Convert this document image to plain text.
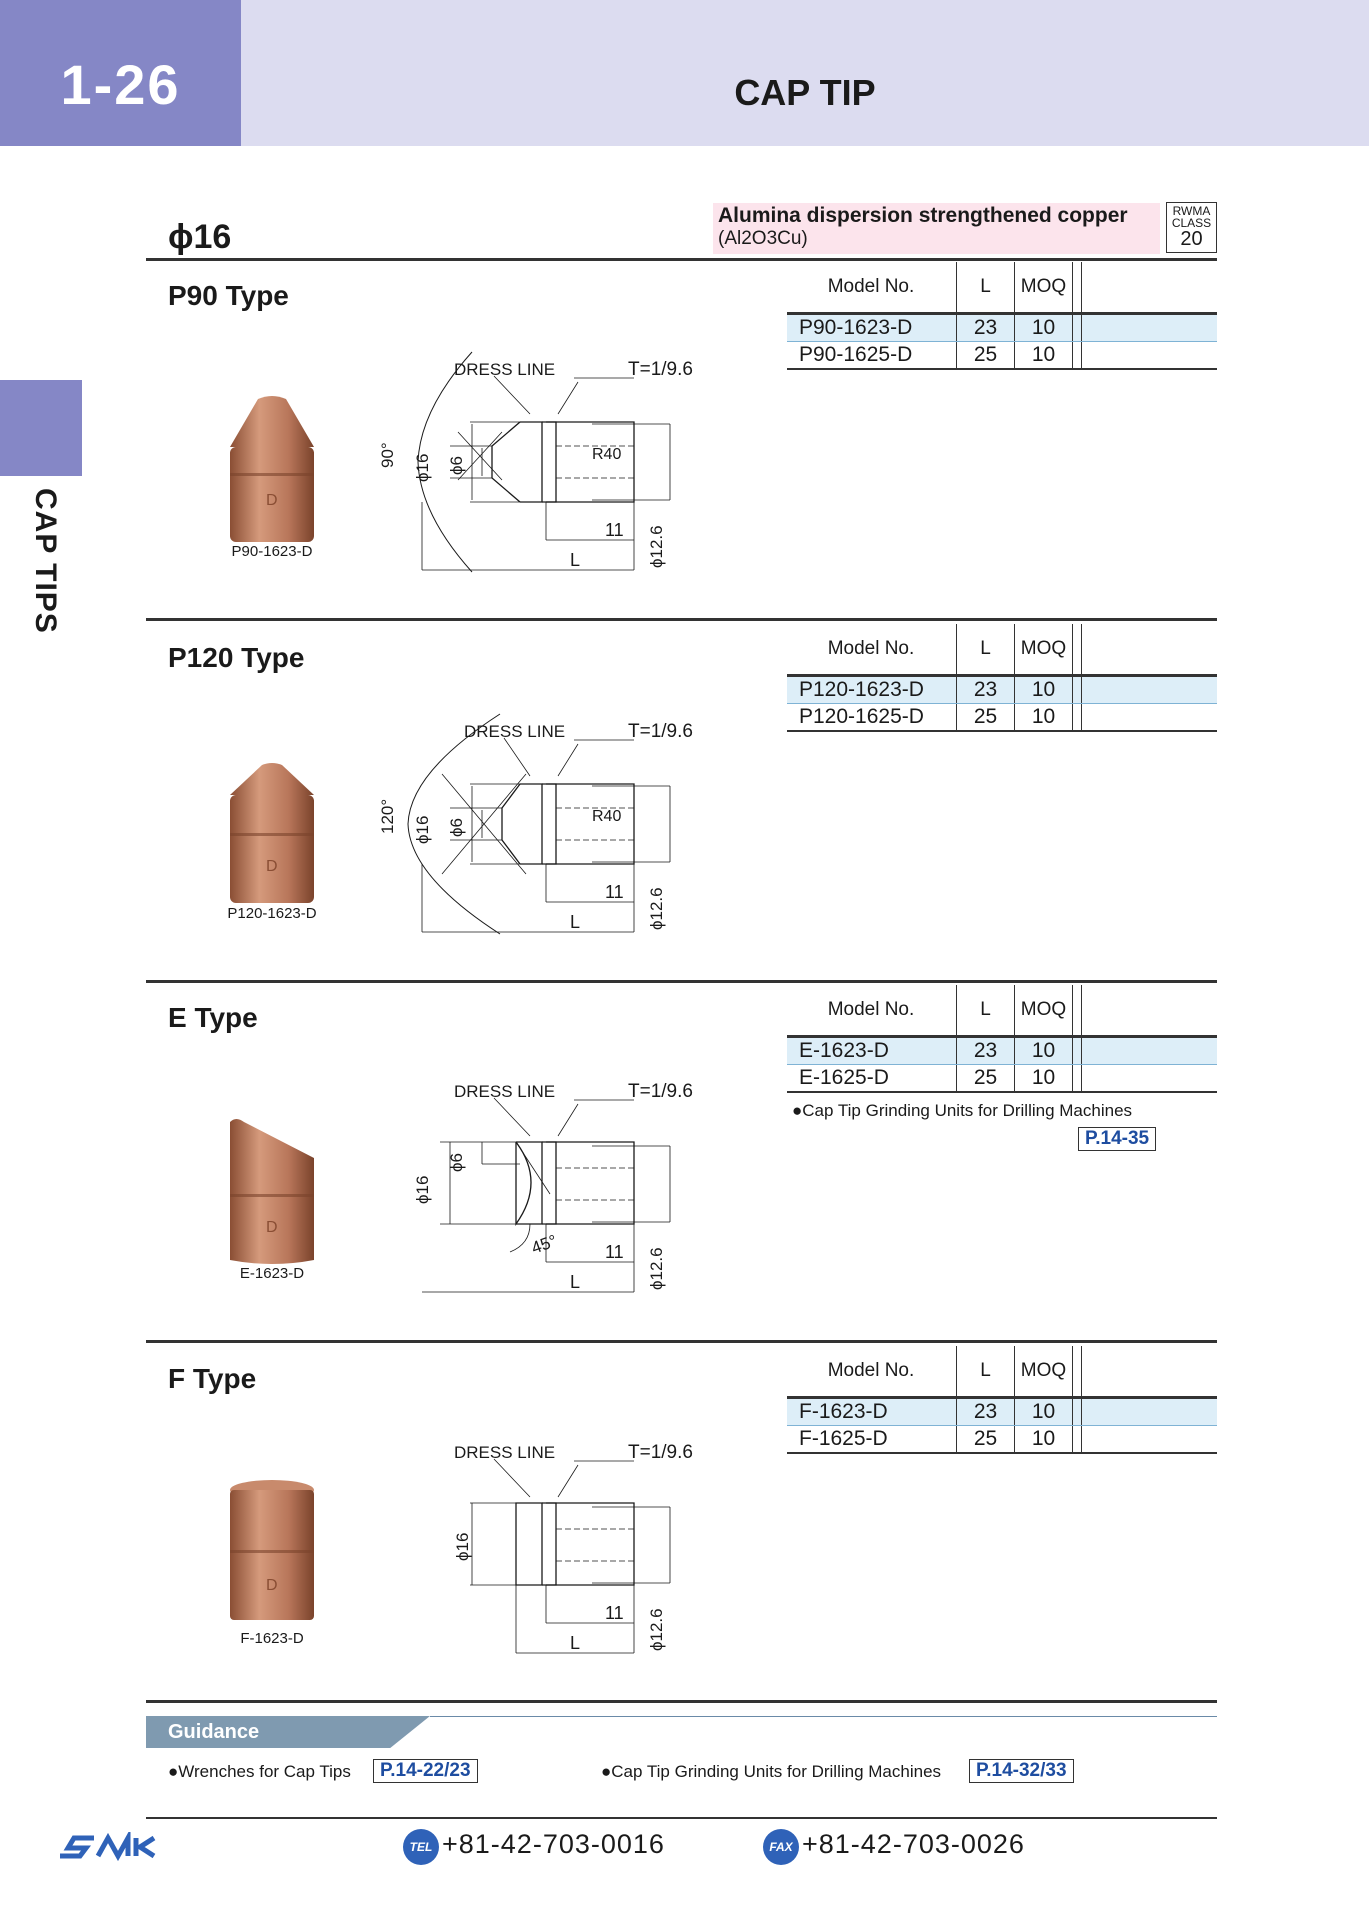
1-26	CAP TIP
CAP TIPS
ϕ16
Alumina dispersion strengthened copper
(Al2O3Cu)
RWMA
CLASS
20
P90 Type	Model No.	L	MOQ		
P90-1623-D	23	10		
P90-1625-D	25	10		
D
P90-1623-D
DRESS LINE	T=1/9.6
R40
11
L
90° ϕ16 ϕ6
ϕ12.6
P120 Type	Model No.	L	MOQ		
P120-1623-D	23	10		
P120-1625-D	25	10		
D
P120-1623-D
DRESS LINE	T=1/9.6
R40
11
L
120° ϕ16 ϕ6
ϕ12.6
E Type	Model No.	L	MOQ		
E-1623-D	23	10		
E-1625-D	25	10		
●Cap Tip Grinding Units for Drilling Machines
P.14-35
D
E-1623-D
DRESS LINE	T=1/9.6
11
L
45°
ϕ16
ϕ6
ϕ12.6
F Type	Model No.	L	MOQ		
F-1623-D	23	10		
F-1625-D	25	10		
D
F-1623-D
DRESS LINE	T=1/9.6
11
L
ϕ16
ϕ12.6
Guidance
●Wrenches for Cap Tips	P.14-22/23	●Cap Tip Grinding Units for Drilling Machines	P.14-32/33
TEL +81-42-703-0016	FAX +81-42-703-0026
